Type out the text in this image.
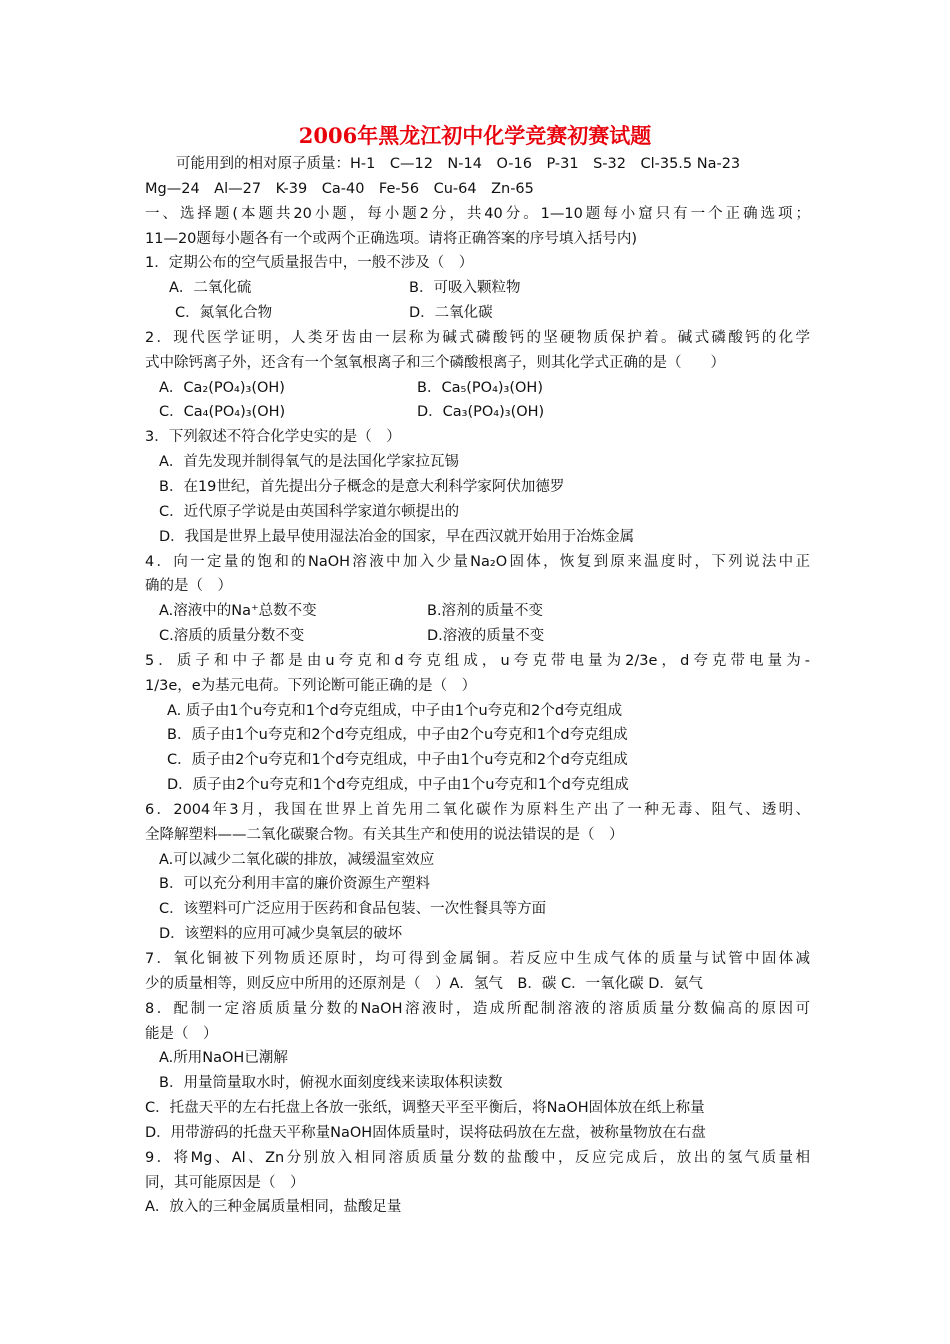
2006年黑龙江初中化学竞赛初赛试题
可能用到的相对原子质量：H-1　C—12　N-14　O-16　P-31　S-32　Cl-35.5 Na-23
Mg—24　Al—27　K-39　Ca-40　Fe-56　Cu-64　Zn-65
一、选择题(本题共20小题，每小题2分，共40分。1—10题每小窟只有一个正确选项；
11—20题每小题各有一个或两个正确选项。请将正确答案的序号填入括号内)
1．定期公布的空气质量报告中，一般不涉及（　）
A．二氧化硫	B．可吸入颗粒物
C．氮氧化合物	D．二氧化碳
2．现代医学证明，人类牙齿由一层称为碱式磷酸钙的坚硬物质保护着。碱式磷酸钙的化学
式中除钙离子外，还含有一个氢氧根离子和三个磷酸根离子，则其化学式正确的是（　　）
A．Ca₂(PO₄)₃(OH)	B．Ca₅(PO₄)₃(OH)
C．Ca₄(PO₄)₃(OH)	D．Ca₃(PO₄)₃(OH)
3．下列叙述不符合化学史实的是（　）
A．首先发现并制得氧气的是法国化学家拉瓦锡
B．在19世纪，首先提出分子概念的是意大利科学家阿伏加德罗
C．近代原子学说是由英国科学家道尔顿提出的
D．我国是世界上最早使用湿法冶金的国家，早在西汉就开始用于冶炼金属
4．向一定量的饱和的NaOH溶液中加入少量Na₂O固体，恢复到原来温度时，下列说法中正
确的是（　）
A.溶液中的Na⁺总数不变	B.溶剂的质量不变
C.溶质的质量分数不变	D.溶液的质量不变
5．质子和中子都是由u夸克和d夸克组成，u夸克带电量为2/3e，d夸克带电量为-
1/3e，e为基元电荷。下列论断可能正确的是（　）
A. 质子由1个u夸克和1个d夸克组成，中子由1个u夸克和2个d夸克组成
B．质子由1个u夸克和2个d夸克组成，中子由2个u夸克和1个d夸克组成
C．质子由2个u夸克和1个d夸克组成，中子由1个u夸克和2个d夸克组成
D．质子由2个u夸克和1个d夸克组成，中子由1个u夸克和1个d夸克组成
6．2004年3月，我国在世界上首先用二氧化碳作为原料生产出了一种无毒、阻气、透明、
全降解塑料——二氧化碳聚合物。有关其生产和使用的说法错误的是（　）
A.可以减少二氧化碳的排放，减缓温室效应
B．可以充分利用丰富的廉价资源生产塑料
C．该塑料可广泛应用于医药和食品包装、一次性餐具等方面
D．该塑料的应用可减少臭氧层的破坏
7．氧化铜被下列物质还原时，均可得到金属铜。若反应中生成气体的质量与试管中固体减
少的质量相等，则反应中所用的还原剂是（　）A．氢气　B．碳 C．一氧化碳 D．氨气
8．配制一定溶质质量分数的NaOH溶液时，造成所配制溶液的溶质质量分数偏高的原因可
能是（　）
A.所用NaOH已潮解
B．用量筒量取水时，俯视水面刻度线来读取体积读数
C．托盘天平的左右托盘上各放一张纸，调整天平至平衡后，将NaOH固体放在纸上称量
D．用带游码的托盘天平称量NaOH固体质量时，误将砝码放在左盘，被称量物放在右盘
9．将Mg、Al、Zn分别放入相同溶质质量分数的盐酸中，反应完成后，放出的氢气质量相
同，其可能原因是（　）
A．放入的三种金属质量相同，盐酸足量
